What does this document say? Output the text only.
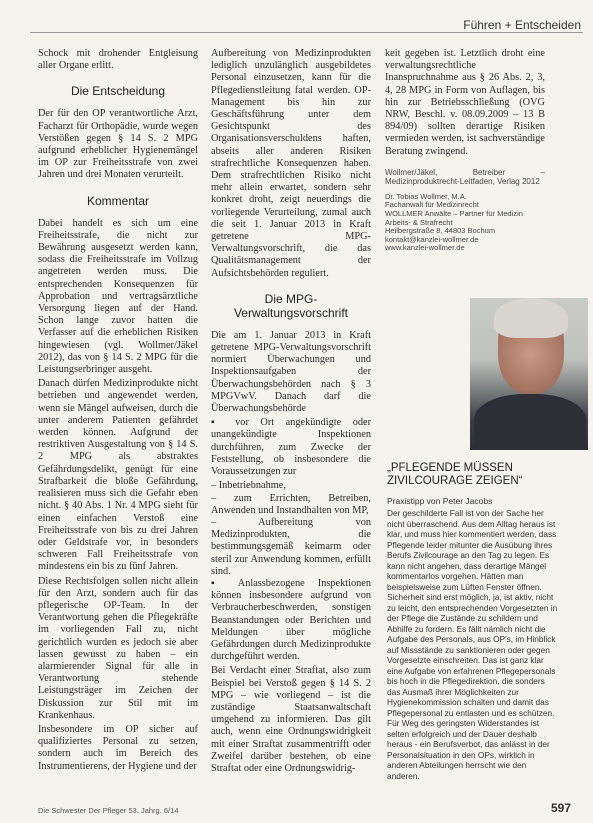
Führen + Entscheiden

Schock mit drohender Entgleisung aller Organe erlitt.

Die Entscheidung

Der für den OP verantwortliche Arzt, Facharzt für Orthopädie, wurde wegen Verstößen gegen § 14 S. 2 MPG aufgrund erheblicher Hygienemängel im OP zur Freiheitsstrafe von zwei Jahren und drei Monaten verurteilt.

Kommentar

Dabei handelt es sich um eine Freiheitsstrafe, die nicht zur Bewährung ausgesetzt werden kann, sodass die Freiheitsstrafe im Vollzug angetreten werden muss. Die entsprechenden Konsequenzen für Approbation und vertragsärztliche Versorgung liegen auf der Hand. Schon lange zuvor hatten die Verfasser auf die erheblichen Risiken hingewiesen (vgl. Wollmer/Jäkel 2012), das von § 14 S. 2 MPG für die Leistungserbringer ausgeht.

Danach dürfen Medizinprodukte nicht betrieben und angewendet werden, wenn sie Mängel aufweisen, durch die unter anderem Patienten gefährdet werden können. Aufgrund der restriktiven Ausgestaltung von § 14 S. 2 MPG als abstraktes Gefährdungsdelikt, genügt für eine Strafbarkeit die bloße Gefährdung, realisieren muss sich die Gefahr eben nicht. § 40 Abs. 1 Nr. 4 MPG sieht für einen einfachen Verstoß eine Freiheitsstrafe von bis zu drei Jahren oder Geldstrafe vor, in besonders schweren Fall Freiheitsstrafe von mindestens ein bis zu fünf Jahren.

Diese Rechtsfolgen sollen nicht allein für den Arzt, sondern auch für das pflegerische OP-Team. In der Verantwortung gehen die Pflegekräfte im vorliegenden Fall zu, nicht gerichtlich wurden es jedoch sie aber lassen gewusst zu haben – ein alarmierender Signal für alle in Verantwortung stehende Leistungsträger im Zeichen der Diskussion zur Stil mit im Krankenhaus.

Insbesondere im OP sicher auf qualifiziertes Personal zu setzen, sondern auch im Bereich des Instrumentierens, der Hygiene und der

Aufbereitung von Medizinprodukten lediglich unzulänglich ausgebildetes Personal einzusetzen, kann für die Pflegedienstleitung fatal werden. OP-Management bis hin zur Geschäftsführung unter dem Gesichtspunkt des Organisationsverschuldens haften, abseits aller anderen Risiken strafrechtliche Konsequenzen haben. Dem strafrechtlichen Risiko nicht mehr allein erwartet, sondern sehr konkret droht, zeigt neuerdings die vorliegende Verurteilung, zumal auch die seit 1. Januar 2013 in Kraft getretene MPG-Verwaltungsvorschrift, die das Qualitätsmanagement der Aufsichtsbehörden reguliert.

Die MPG-Verwaltungsvorschrift

Die am 1. Januar 2013 in Kraft getretene MPG-Verwaltungsvorschrift normiert Überwachungen und Inspektionsaufgaben der Überwachungsbehörden nach § 3 MPGVwV. Danach darf die Überwachungsbehörde

▪ vor Ort angekündigte oder unangekündigte Inspektionen durchführen, zum Zwecke der Feststellung, ob insbesondere die Voraussetzungen zur

– Inbetriebnahme,
– zum Errichten, Betreiben, Anwenden und Instandhalten von MP,
– Aufbereitung von Medizinprodukten, die bestimmungsgemäß keimarm oder steril zur Anwendung kommen, erfüllt sind.

▪ Anlassbezogene Inspektionen können insbesondere aufgrund von Verbraucherbeschwerden, sonstigen Beanstandungen oder Berichten und Meldungen über mögliche Gefährdungen durch Medizinprodukte durchgeführt werden.

Bei Verdacht einer Straftat, also zum Beispiel bei Verstoß gegen § 14 S. 2 MPG – wie vorliegend – ist die zuständige Staatsanwaltschaft umgehend zu informieren. Das gilt auch, wenn eine Ordnungswidrigkeit mit einer Straftat zusammentrifft oder Zweifel darüber bestehen, ob eine Straftat oder eine Ordnungswidrig-

keit gegeben ist. Letztlich droht eine verwaltungsrechtliche Inanspruchnahme aus § 26 Abs. 2, 3, 4, 28 MPG in Form von Auflagen, bis hin zur Betriebsschließung (OVG NRW, Beschl. v. 08.09.2009 – 13 B 894/09) sollten derartige Risiken vermieden werden, ist sachverständige Beratung zwingend.

Wollmer/Jäkel, Betreiber – Medizinproduktrecht-Leitfaden, Verlag 2012
Dr. Tobias Wollmer, M.A.
Fachanwalt für Medizinrecht
WOLLMER Anwälte – Partner für Medizin
Arbeits- & Strafrecht
Heilbergstraße 8, 44803 Bochum
kontakt@kanzlei-wollmer.de
www.kanzlei-wollmer.de
„PFLEGENDE MÜSSEN ZIVILCOURAGE ZEIGEN“
Praxistipp von Peter Jacobs
Der geschilderte Fall ist von der Sache her nicht überraschend. Aus dem Alltag heraus ist klar, und muss hier kommentiert werden, dass Pflegende leider mitunter die Ausübung ihres Berufs Zivilcourage an den Tag zu legen. Es kann nicht angehen, dass derartige Mängel kommentarlos vorgehen. Hätten man beispielsweise zum Lüften Fenster öffnen. Sicherheit sind erst möglich, ja, ist aktiv, nicht zu leicht, den entsprechenden Vorgesetzten in der Pflege die Zustände zu schildern und Abhilfe zu fordern. Es fällt nämlich nicht die Aufgabe des Personals, aus OP's, im Hinblick auf Missstände zu sanktionieren oder gegen Vorgesetzte einschreiten. Das ist ganz klar eine Aufgabe von erfahrenen Pflegepersonals bis hoch in die Pflegedirektion, die sonders das Ausmaß ihrer Möglichkeiten zur Hygienekommission schalten und damit das Pflegepersonal zu entlasten und es schützen. Für Weg des geringsten Widerstandes ist selten erfolgreich und der Dauer deshalb heraus - ein Berufsverbot, das anlässt in der Personalsituation in den OPs, wirklich in anderen Abteilungen herrscht wie den anderen.
Die Schwester Der Pfleger 53. Jahrg. 6/14	597
